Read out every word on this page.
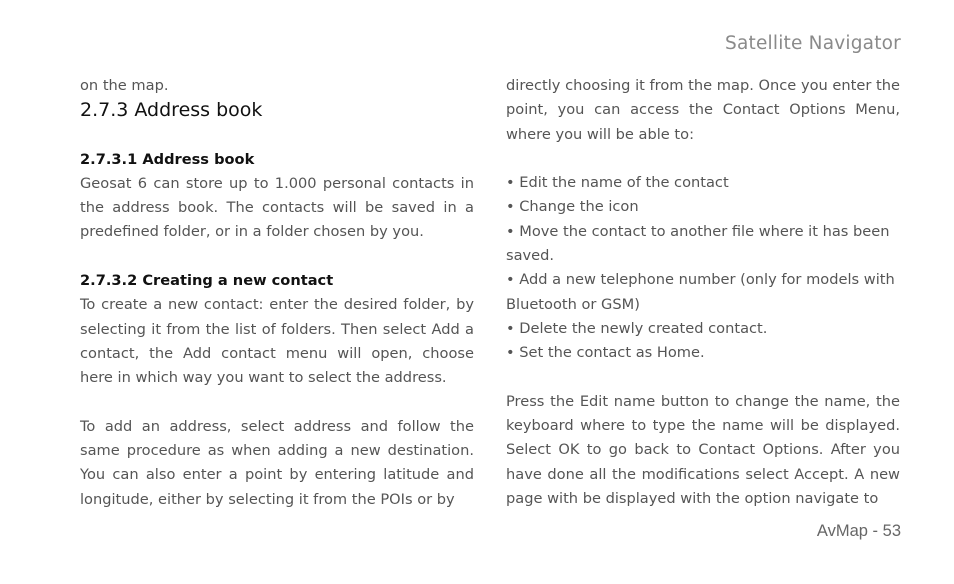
Satellite Navigator

on the map.

2.7.3 Address book
2.7.3.1 Address book

Geosat 6 can store up to 1.000 personal contacts in the address book. The contacts will be saved in a predefined folder, or in a folder chosen by you.

2.7.3.2 Creating a new contact

To create a new contact: enter the desired folder, by selecting it from the list of folders. Then select Add a contact, the Add contact menu will open, choose here in which way you want to select the address.

To add an address, select address and follow the same procedure as when adding a new destination. You can also enter a point by entering latitude and longitude, either by selecting it from the POIs or by

directly choosing it from the map. Once you enter the point, you can access the Contact Options Menu, where you will be able to:

• Edit the name of the contact
• Change the icon
• Move the contact to another file where it has been saved.
• Add a new telephone number (only for models with Bluetooth or GSM)
• Delete the newly created contact.
• Set the contact as Home.

Press the Edit name button to change the name, the keyboard where to type the name will be displayed. Select OK to go back to Contact Options. After you have done all the modifications select Accept. A new page with be displayed with the option navigate to

AvMap - 53
